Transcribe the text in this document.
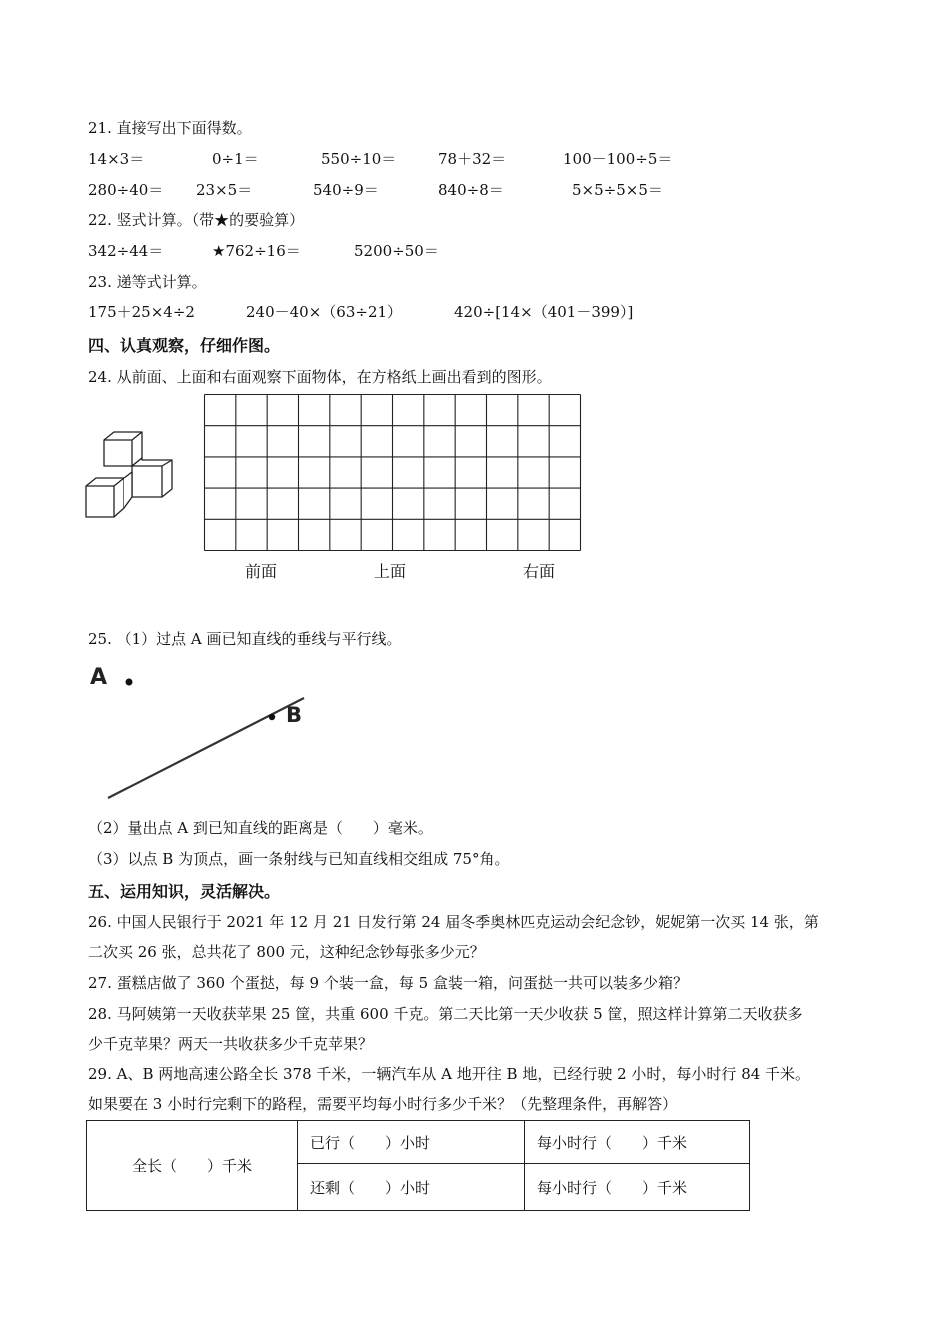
21. 直接写出下面得数。
14×3＝	0÷1＝	550÷10＝	78＋32＝	100－100÷5＝
280÷40＝ 23×5＝	540÷9＝	840÷8＝	5×5÷5×5＝
22. 竖式计算。（带★的要验算）
342÷44＝	★762÷16＝	5200÷50＝
23. 递等式计算。
175＋25×4÷2	240－40×（63÷21）	420÷[14×（401－399）]
四、认真观察，仔细作图。
24. 从前面、上面和右面观察下面物体，在方格纸上画出看到的图形。
前面	上面	右面
25. （1）过点 A 画已知直线的垂线与平行线。
A
B
（2）量出点 A 到已知直线的距离是（　　）毫米。
（3）以点 B 为顶点，画一条射线与已知直线相交组成 75°角。
五、运用知识，灵活解决。
26. 中国人民银行于 2021 年 12 月 21 日发行第 24 届冬季奥林匹克运动会纪念钞，妮妮第一次买 14 张，第
二次买 26 张，总共花了 800 元，这种纪念钞每张多少元？
27. 蛋糕店做了 360 个蛋挞，每 9 个装一盒，每 5 盒装一箱，问蛋挞一共可以装多少箱？
28. 马阿姨第一天收获苹果 25 筐，共重 600 千克。第二天比第一天少收获 5 筐，照这样计算第二天收获多
少千克苹果？两天一共收获多少千克苹果？
29. A、B 两地高速公路全长 378 千米，一辆汽车从 A 地开往 B 地，已经行驶 2 小时，每小时行 84 千米。
如果要在 3 小时行完剩下的路程，需要平均每小时行多少千米？（先整理条件，再解答）
全长（　　）千米	已行（　　）小时	每小时行（　　）千米
	还剩（　　）小时	每小时行（　　）千米
